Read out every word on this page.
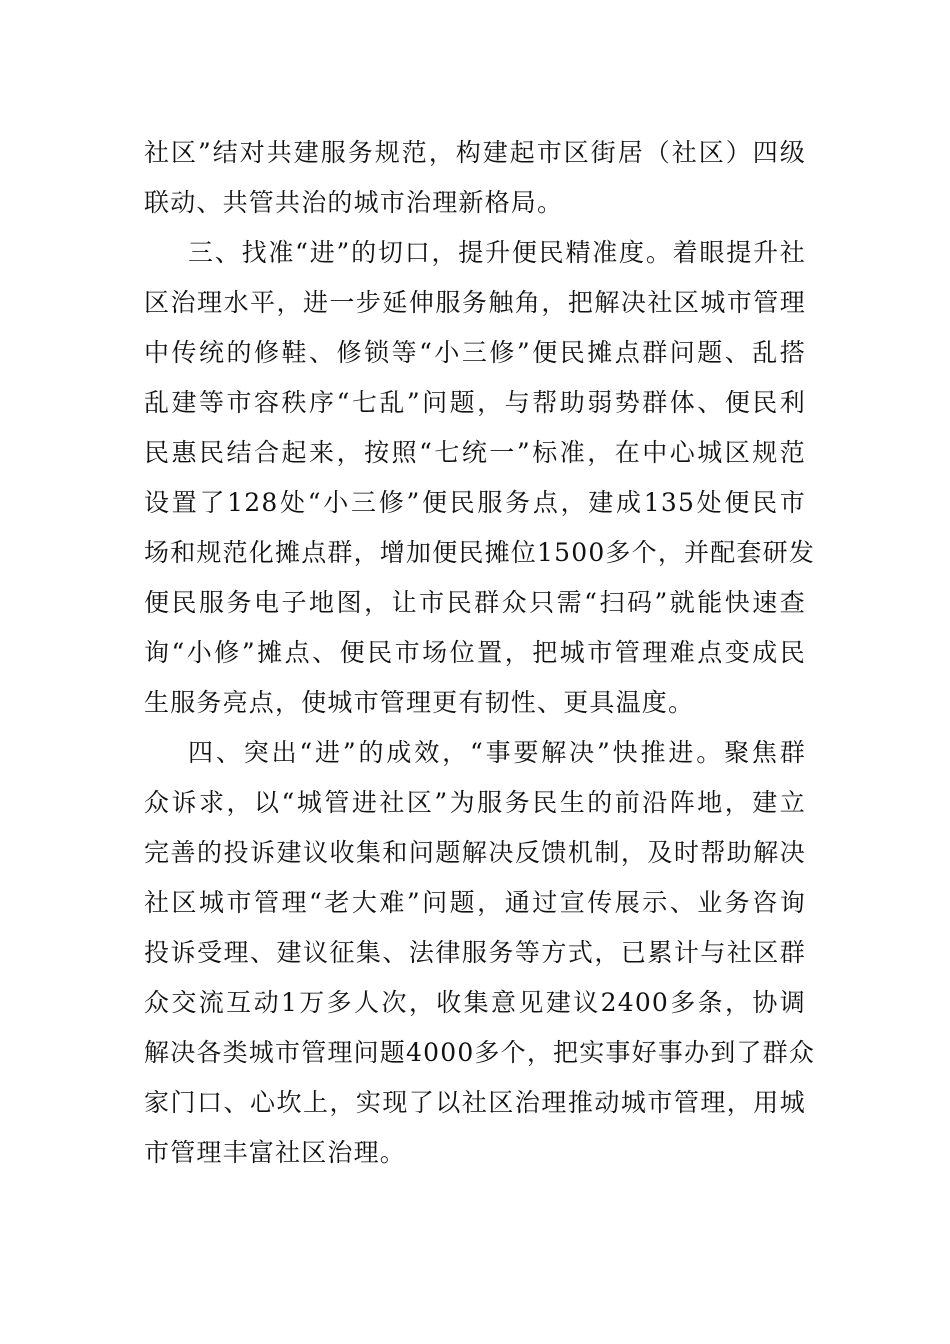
社区”结对共建服务规范，构建起市区街居（社区）四级
联动、共管共治的城市治理新格局。
三、找准“进”的切口，提升便民精准度。着眼提升社
区治理水平，进一步延伸服务触角，把解决社区城市管理
中传统的修鞋、修锁等“小三修”便民摊点群问题、乱搭
乱建等市容秩序“七乱”问题，与帮助弱势群体、便民利
民惠民结合起来，按照“七统一”标准，在中心城区规范
设置了128处“小三修”便民服务点，建成135处便民市
场和规范化摊点群，增加便民摊位1500多个，并配套研发
便民服务电子地图，让市民群众只需“扫码”就能快速查
询“小修”摊点、便民市场位置，把城市管理难点变成民
生服务亮点，使城市管理更有韧性、更具温度。
四、突出“进”的成效，“事要解决”快推进。聚焦群
众诉求，以“城管进社区”为服务民生的前沿阵地，建立
完善的投诉建议收集和问题解决反馈机制，及时帮助解决
社区城市管理“老大难”问题，通过宣传展示、业务咨询
投诉受理、建议征集、法律服务等方式，已累计与社区群
众交流互动1万多人次，收集意见建议2400多条，协调
解决各类城市管理问题4000多个，把实事好事办到了群众
家门口、心坎上，实现了以社区治理推动城市管理，用城
市管理丰富社区治理。
